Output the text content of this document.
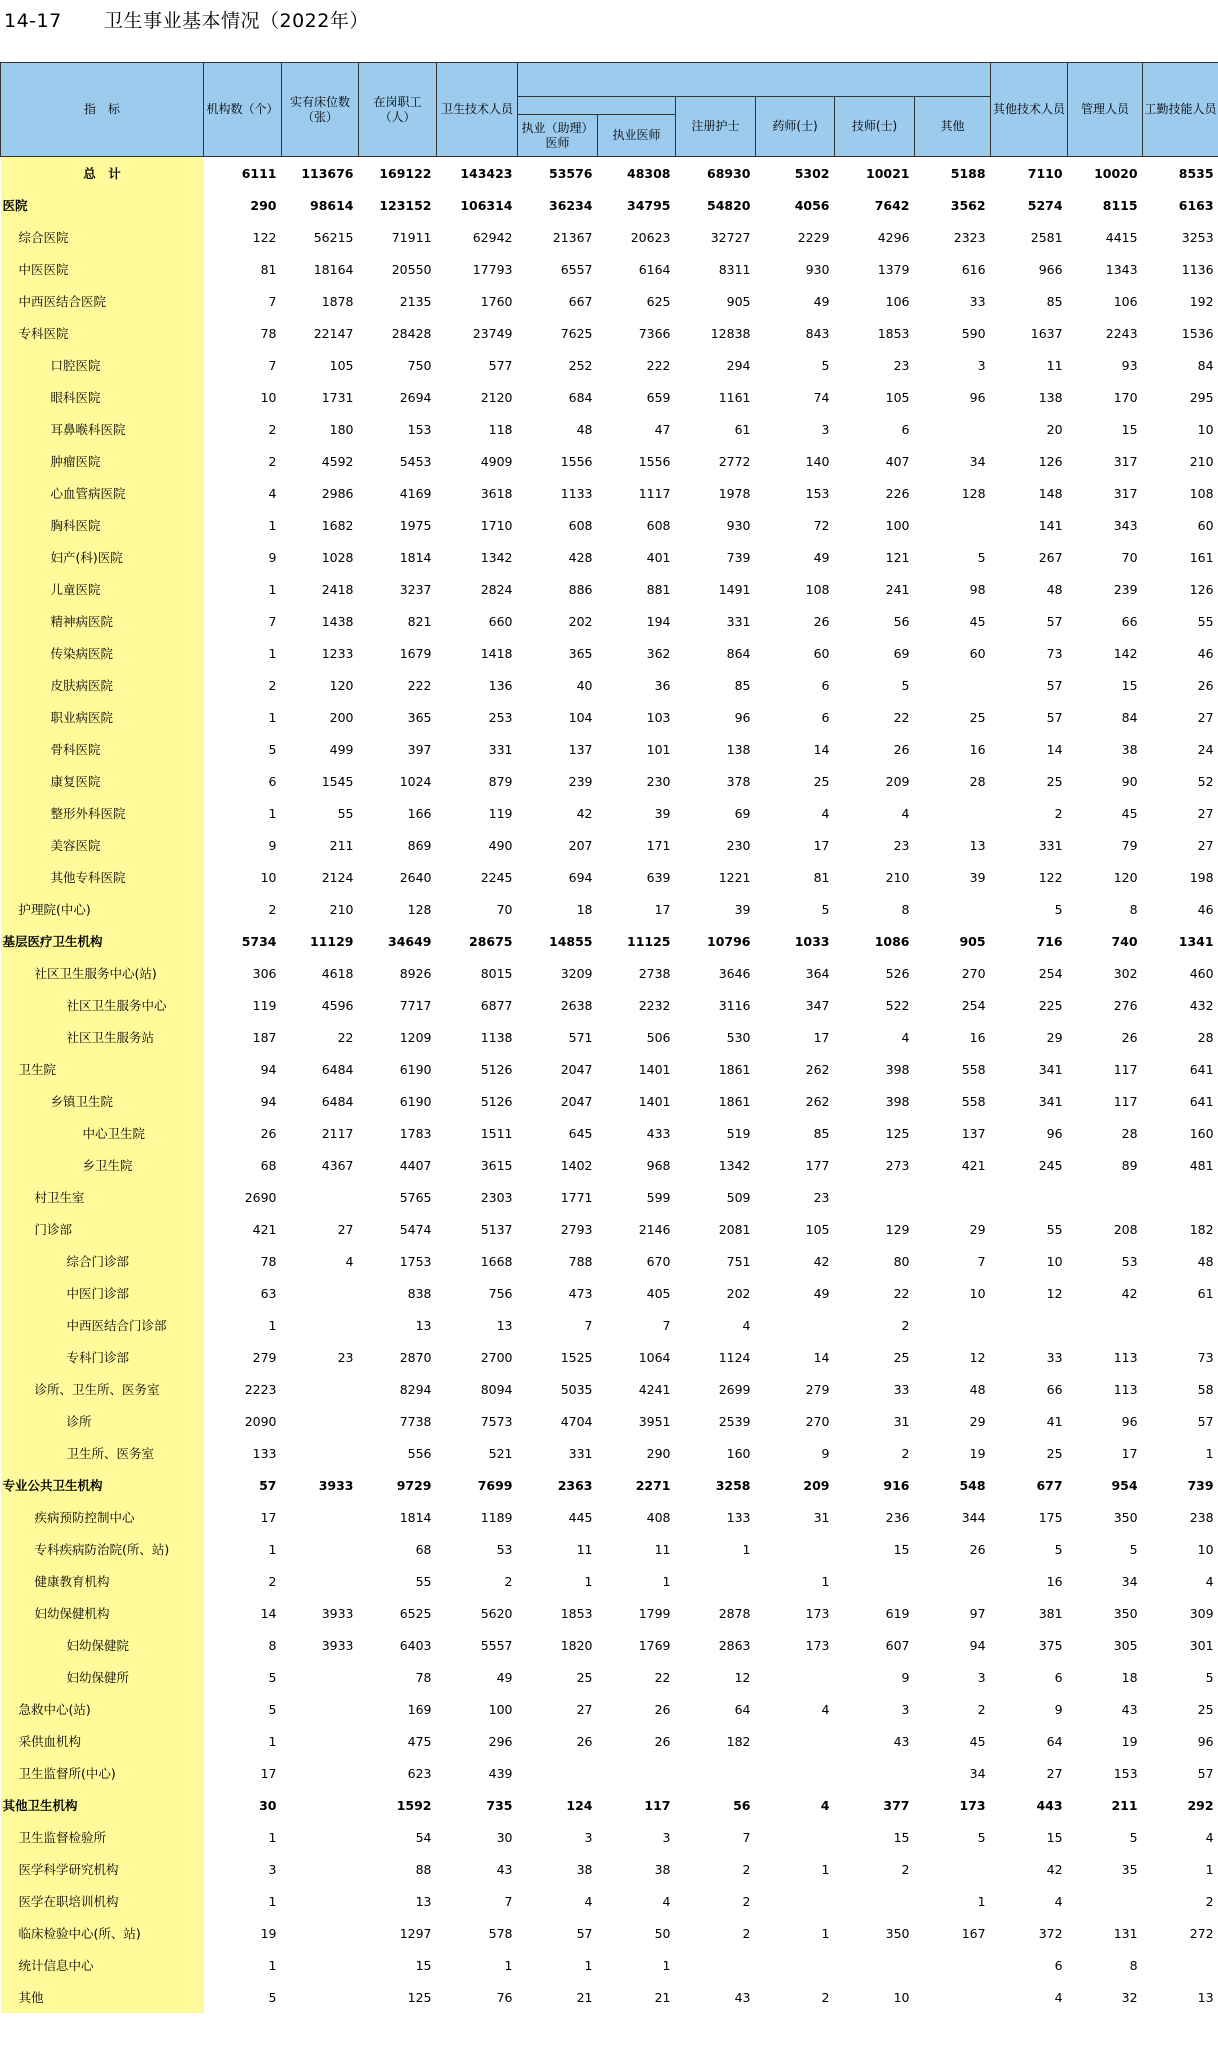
14-17 卫生事业基本情况（2022年）
指　标	机构数（个）	实有床位数（张）	在岗职工（人）	卫生技术人员							其他技术人员	管理人员	工勤技能人员
							注册护士	药师(士)	技师(士)	其他			
					执业（助理）医师	执业医师							
总　计	6111	113676	169122	143423	53576	48308	68930	5302	10021	5188	7110	10020	8535
医院	290	98614	123152	106314	36234	34795	54820	4056	7642	3562	5274	8115	6163
综合医院	122	56215	71911	62942	21367	20623	32727	2229	4296	2323	2581	4415	3253
中医医院	81	18164	20550	17793	6557	6164	8311	930	1379	616	966	1343	1136
中西医结合医院	7	1878	2135	1760	667	625	905	49	106	33	85	106	192
专科医院	78	22147	28428	23749	7625	7366	12838	843	1853	590	1637	2243	1536
口腔医院	7	105	750	577	252	222	294	5	23	3	11	93	84
眼科医院	10	1731	2694	2120	684	659	1161	74	105	96	138	170	295
耳鼻喉科医院	2	180	153	118	48	47	61	3	6		20	15	10
肿瘤医院	2	4592	5453	4909	1556	1556	2772	140	407	34	126	317	210
心血管病医院	4	2986	4169	3618	1133	1117	1978	153	226	128	148	317	108
胸科医院	1	1682	1975	1710	608	608	930	72	100		141	343	60
妇产(科)医院	9	1028	1814	1342	428	401	739	49	121	5	267	70	161
儿童医院	1	2418	3237	2824	886	881	1491	108	241	98	48	239	126
精神病医院	7	1438	821	660	202	194	331	26	56	45	57	66	55
传染病医院	1	1233	1679	1418	365	362	864	60	69	60	73	142	46
皮肤病医院	2	120	222	136	40	36	85	6	5		57	15	26
职业病医院	1	200	365	253	104	103	96	6	22	25	57	84	27
骨科医院	5	499	397	331	137	101	138	14	26	16	14	38	24
康复医院	6	1545	1024	879	239	230	378	25	209	28	25	90	52
整形外科医院	1	55	166	119	42	39	69	4	4		2	45	27
美容医院	9	211	869	490	207	171	230	17	23	13	331	79	27
其他专科医院	10	2124	2640	2245	694	639	1221	81	210	39	122	120	198
护理院(中心)	2	210	128	70	18	17	39	5	8		5	8	46
基层医疗卫生机构	5734	11129	34649	28675	14855	11125	10796	1033	1086	905	716	740	1341
社区卫生服务中心(站)	306	4618	8926	8015	3209	2738	3646	364	526	270	254	302	460
社区卫生服务中心	119	4596	7717	6877	2638	2232	3116	347	522	254	225	276	432
社区卫生服务站	187	22	1209	1138	571	506	530	17	4	16	29	26	28
卫生院	94	6484	6190	5126	2047	1401	1861	262	398	558	341	117	641
乡镇卫生院	94	6484	6190	5126	2047	1401	1861	262	398	558	341	117	641
中心卫生院	26	2117	1783	1511	645	433	519	85	125	137	96	28	160
乡卫生院	68	4367	4407	3615	1402	968	1342	177	273	421	245	89	481
村卫生室	2690		5765	2303	1771	599	509	23					
门诊部	421	27	5474	5137	2793	2146	2081	105	129	29	55	208	182
综合门诊部	78	4	1753	1668	788	670	751	42	80	7	10	53	48
中医门诊部	63		838	756	473	405	202	49	22	10	12	42	61
中西医结合门诊部	1		13	13	7	7	4		2				
专科门诊部	279	23	2870	2700	1525	1064	1124	14	25	12	33	113	73
诊所、卫生所、医务室	2223		8294	8094	5035	4241	2699	279	33	48	66	113	58
诊所	2090		7738	7573	4704	3951	2539	270	31	29	41	96	57
卫生所、医务室	133		556	521	331	290	160	9	2	19	25	17	1
专业公共卫生机构	57	3933	9729	7699	2363	2271	3258	209	916	548	677	954	739
疾病预防控制中心	17		1814	1189	445	408	133	31	236	344	175	350	238
专科疾病防治院(所、站)	1		68	53	11	11	1		15	26	5	5	10
健康教育机构	2		55	2	1	1		1			16	34	4
妇幼保健机构	14	3933	6525	5620	1853	1799	2878	173	619	97	381	350	309
妇幼保健院	8	3933	6403	5557	1820	1769	2863	173	607	94	375	305	301
妇幼保健所	5		78	49	25	22	12		9	3	6	18	5
急救中心(站)	5		169	100	27	26	64	4	3	2	9	43	25
采供血机构	1		475	296	26	26	182		43	45	64	19	96
卫生监督所(中心)	17		623	439						34	27	153	57
其他卫生机构	30		1592	735	124	117	56	4	377	173	443	211	292
卫生监督检验所	1		54	30	3	3	7		15	5	15	5	4
医学科学研究机构	3		88	43	38	38	2	1	2		42	35	1
医学在职培训机构	1		13	7	4	4	2			1	4		2
临床检验中心(所、站)	19		1297	578	57	50	2	1	350	167	372	131	272
统计信息中心	1		15	1	1	1					6	8	
其他	5		125	76	21	21	43	2	10		4	32	13
